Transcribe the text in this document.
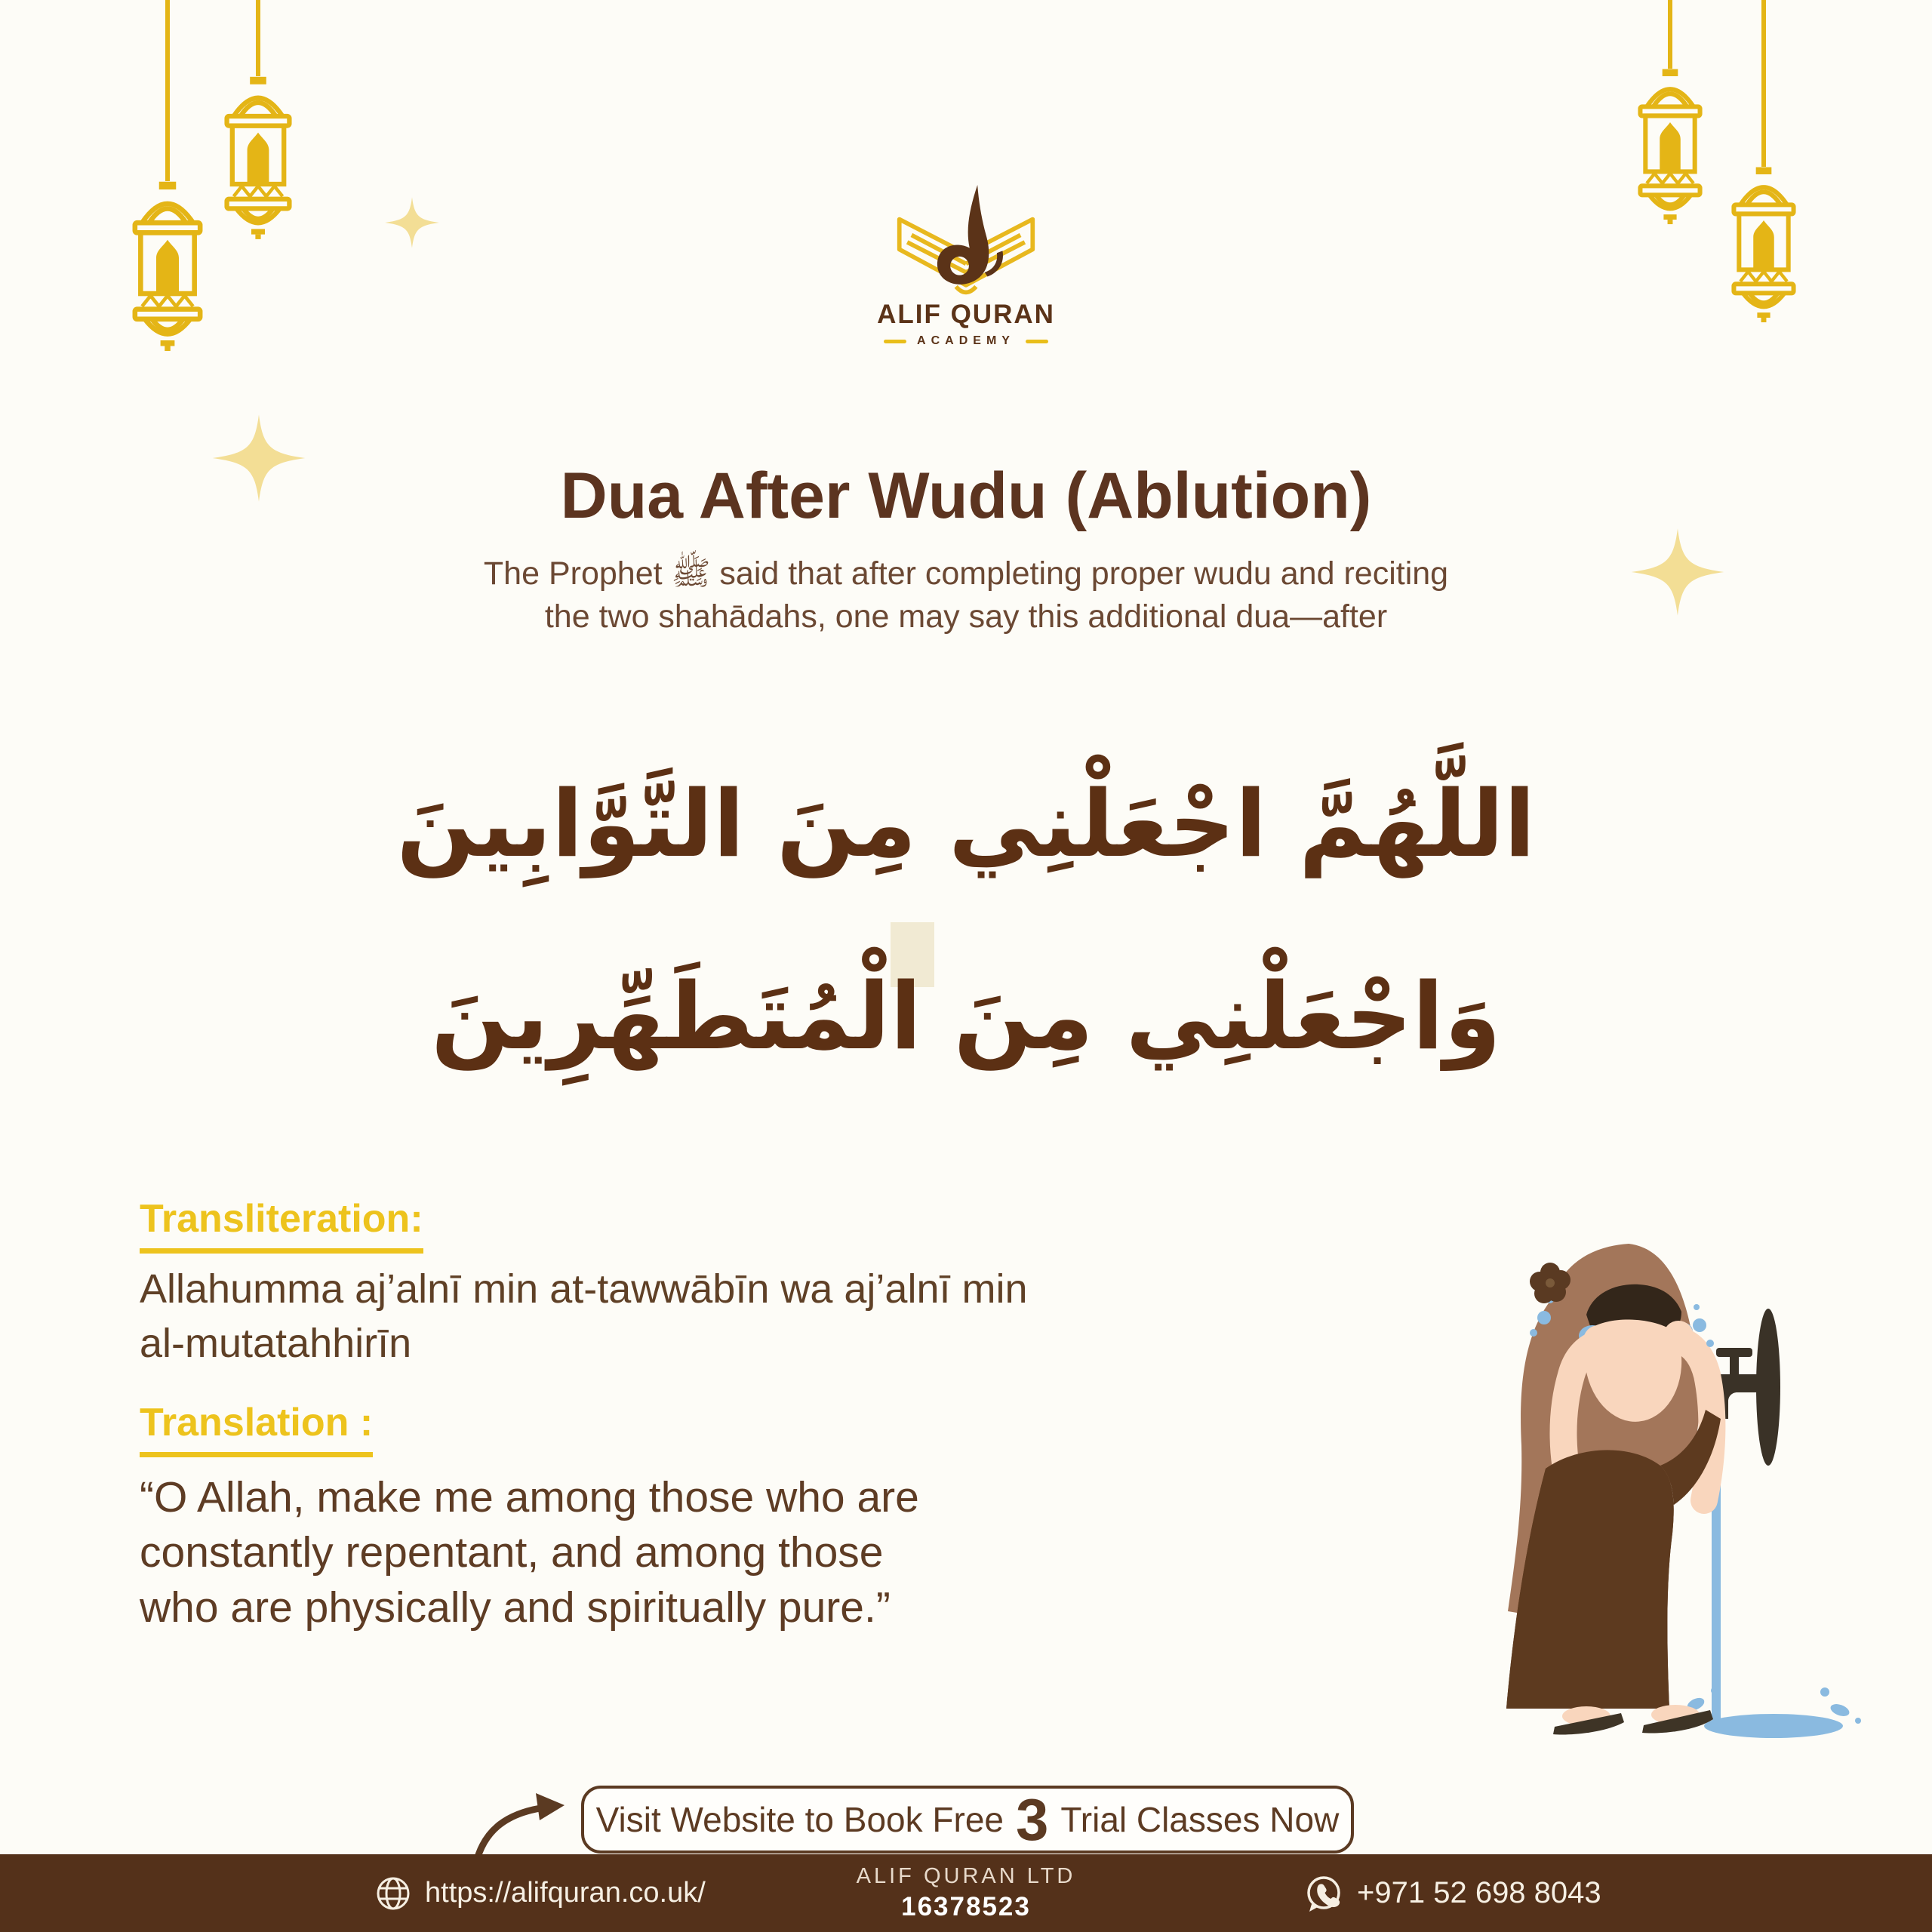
ALIF QURAN
ACADEMY
Dua After Wudu (Ablution)
The Prophet ﷺ said that after completing proper wudu and reciting
the two shahādahs, one may say this additional dua—after
اللَّهُمَّ اجْعَلْنِي مِنَ التَّوَّابِينَ
وَاجْعَلْنِي مِنَ الْمُتَطَهِّرِينَ
Transliteration:
Allahumma aj’alnī min at-tawwābīn wa aj’alnī min
al-mutatahhirīn
Translation :
“O Allah, make me among those who are
constantly repentant, and among those
who are physically and spiritually pure.”
Visit Website to Book Free 3 Trial Classes Now
https://alifquran.co.uk/
ALIF QURAN LTD
16378523	+971 52 698 8043
